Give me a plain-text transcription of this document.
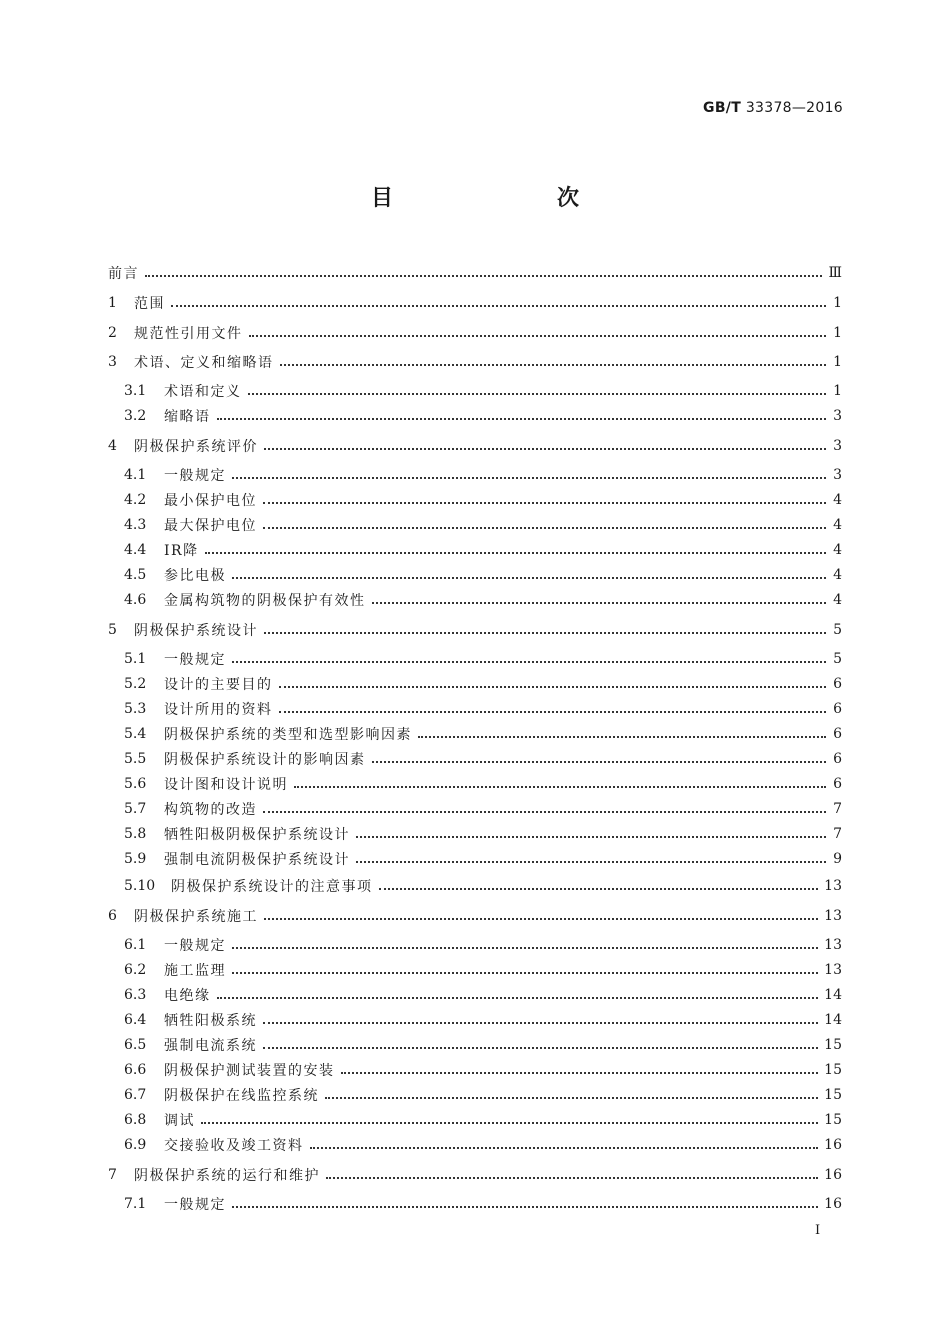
GB/T 33378—2016
目　　次
前言	Ⅲ
1	范围	1
2	规范性引用文件	1
3	术语、定义和缩略语	1
3.1	术语和定义	1
3.2	缩略语	3
4	阴极保护系统评价	3
4.1	一般规定	3
4.2	最小保护电位	4
4.3	最大保护电位	4
4.4	IR降	4
4.5	参比电极	4
4.6	金属构筑物的阴极保护有效性	4
5	阴极保护系统设计	5
5.1	一般规定	5
5.2	设计的主要目的	6
5.3	设计所用的资料	6
5.4	阴极保护系统的类型和选型影响因素	6
5.5	阴极保护系统设计的影响因素	6
5.6	设计图和设计说明	6
5.7	构筑物的改造	7
5.8	牺牲阳极阴极保护系统设计	7
5.9	强制电流阴极保护系统设计	9
5.10	阴极保护系统设计的注意事项	13
6	阴极保护系统施工	13
6.1	一般规定	13
6.2	施工监理	13
6.3	电绝缘	14
6.4	牺牲阳极系统	14
6.5	强制电流系统	15
6.6	阴极保护测试装置的安装	15
6.7	阴极保护在线监控系统	15
6.8	调试	15
6.9	交接验收及竣工资料	16
7	阴极保护系统的运行和维护	16
7.1	一般规定	16
I
